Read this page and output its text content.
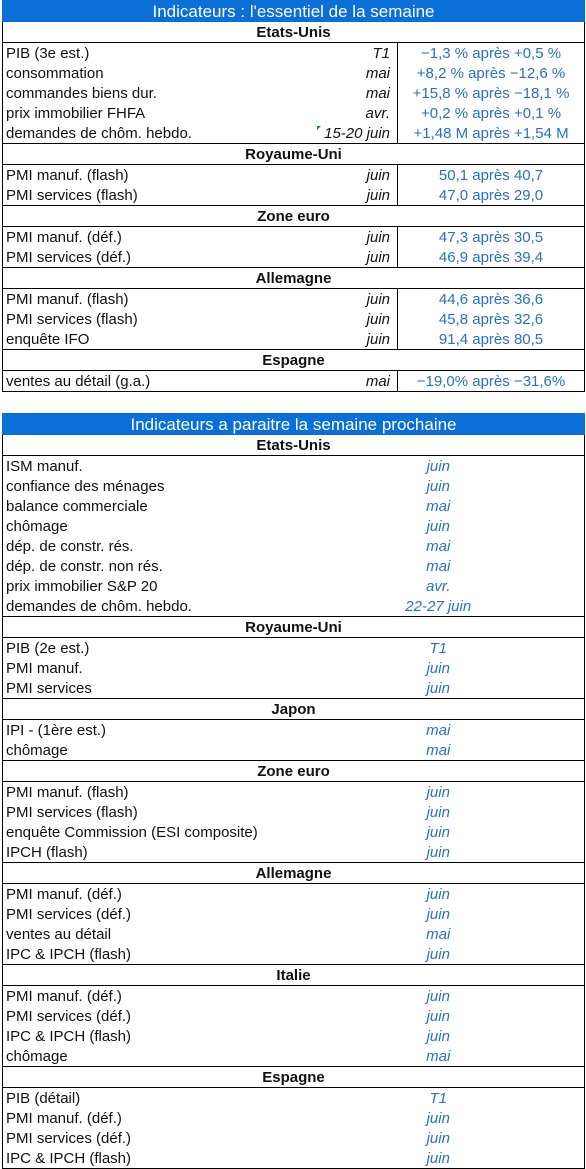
Indicateurs : l'essentiel de la semaine		
Etats-Unis		
PIB (3e est.)	T1	−1,3 % après +0,5 %
consommation	mai	+8,2 % après −12,6 %
commandes biens dur.	mai	+15,8 % après −18,1 %
prix immobilier FHFA	avr.	+0,2 % après +0,1 %
demandes de chôm. hebdo.	15-20 juin	+1,48 M après +1,54 M
Royaume-Uni		
PMI manuf. (flash)	juin	50,1 après 40,7
PMI services (flash)	juin	47,0 après 29,0
Zone euro		
PMI manuf. (déf.)	juin	47,3 après 30,5
PMI services (déf.)	juin	46,9 après 39,4
Allemagne		
PMI manuf. (flash)	juin	44,6 après 36,6
PMI services (flash)	juin	45,8 après 32,6
enquête IFO	juin	91,4 après 80,5
Espagne		
ventes au détail (g.a.)	mai	−19,0% après −31,6%
Indicateurs a paraitre la semaine prochaine	
Etats-Unis	
ISM manuf.	juin
confiance des ménages	juin
balance commerciale	mai
chômage	juin
dép. de constr. rés.	mai
dép. de constr. non rés.	mai
prix immobilier S&P 20	avr.
demandes de chôm. hebdo.	22-27 juin
Royaume-Uni	
PIB (2e est.)	T1
PMI manuf.	juin
PMI services	juin
Japon	
IPI - (1ère est.)	mai
chômage	mai
Zone euro	
PMI manuf. (flash)	juin
PMI services (flash)	juin
enquête Commission (ESI composite)	juin
IPCH (flash)	juin
Allemagne	
PMI manuf. (déf.)	juin
PMI services (déf.)	juin
ventes au détail	mai
IPC & IPCH (flash)	juin
Italie	
PMI manuf. (déf.)	juin
PMI services (déf.)	juin
IPC & IPCH (flash)	juin
chômage	mai
Espagne	
PIB (détail)	T1
PMI manuf. (déf.)	juin
PMI services (déf.)	juin
IPC & IPCH (flash)	juin
